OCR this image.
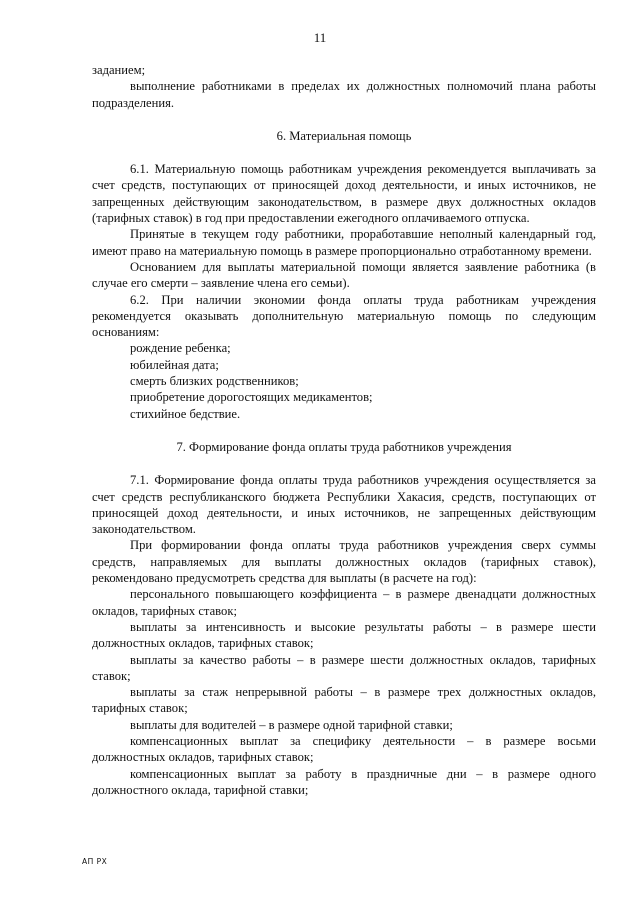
11

заданием;

выполнение работниками в пределах их должностных полномочий плана работы подразделения.

6. Материальная помощь

6.1. Материальную помощь работникам учреждения рекомендуется выплачивать за счет средств, поступающих от приносящей доход деятельности, и иных источников, не запрещенных действующим законодательством, в размере двух должностных окладов (тарифных ставок) в год при предоставлении ежегодного оплачиваемого отпуска.

Принятые в текущем году работники, проработавшие неполный календарный год, имеют право на материальную помощь в размере пропорционально отработанному времени.

Основанием для выплаты материальной помощи является заявление работника (в случае его смерти – заявление члена его семьи).

6.2. При наличии экономии фонда оплаты труда работникам учреждения рекомендуется оказывать дополнительную материальную помощь по следующим основаниям:

рождение ребенка;

юбилейная дата;

смерть близких родственников;

приобретение дорогостоящих медикаментов;

стихийное бедствие.

7. Формирование фонда оплаты труда работников учреждения

7.1. Формирование фонда оплаты труда работников учреждения осуществляется за счет средств республиканского бюджета Республики Хакасия, средств, поступающих от приносящей доход деятельности, и иных источников, не запрещенных действующим законодательством.

При формировании фонда оплаты труда работников учреждения сверх суммы средств, направляемых для выплаты должностных окладов (тарифных ставок), рекомендовано предусмотреть средства для выплаты (в расчете на год):

персонального повышающего коэффициента – в размере двенадцати должностных окладов, тарифных ставок;

выплаты за интенсивность и высокие результаты работы – в размере шести должностных окладов, тарифных ставок;

выплаты за качество работы – в размере шести должностных окладов, тарифных ставок;

выплаты за стаж непрерывной работы – в размере трех должностных окладов, тарифных ставок;

выплаты для водителей – в размере одной тарифной ставки;

компенсационных выплат за специфику деятельности – в размере восьми должностных окладов, тарифных ставок;

компенсационных выплат за работу в праздничные дни – в размере одного должностного оклада, тарифной ставки;

АП РХ
